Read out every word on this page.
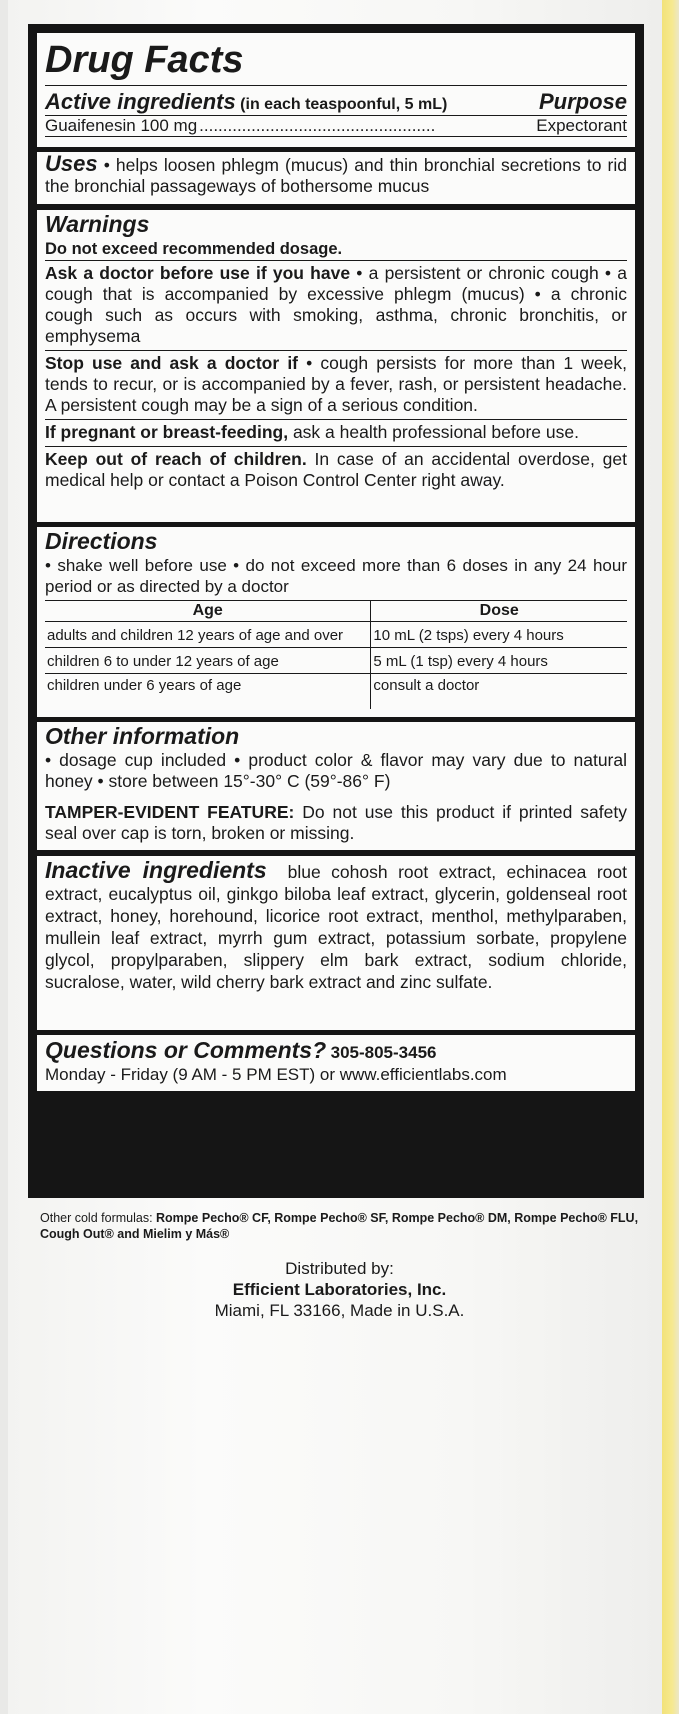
Drug Facts
Active ingredients (in each teaspoonful, 5 mL)	Purpose
Guaifenesin 100 mg ..................................................	Expectorant
Uses • helps loosen phlegm (mucus) and thin bronchial secretions to rid the bronchial passageways of bothersome mucus
Warnings
Do not exceed recommended dosage.
Ask a doctor before use if you have • a persistent or chronic cough • a cough that is accompanied by excessive phlegm (mucus) • a chronic cough such as occurs with smoking, asthma, chronic bronchitis, or emphysema
Stop use and ask a doctor if • cough persists for more than 1 week, tends to recur, or is accompanied by a fever, rash, or persistent headache. A persistent cough may be a sign of a serious condition.
If pregnant or breast-feeding, ask a health professional before use.
Keep out of reach of children. In case of an accidental overdose, get medical help or contact a Poison Control Center right away.
Directions
• shake well before use • do not exceed more than 6 doses in any 24 hour period or as directed by a doctor
Age	Dose
adults and children 12 years of age and over	10 mL (2 tsps) every 4 hours
children 6 to under 12 years of age	5 mL (1 tsp) every 4 hours
children under 6 years of age	consult a doctor
Other information
• dosage cup included • product color & flavor may vary due to natural honey • store between 15°-30° C (59°-86° F)
TAMPER-EVIDENT FEATURE: Do not use this product if printed safety seal over cap is torn, broken or missing.
Inactive ingredients blue cohosh root extract, echinacea root extract, eucalyptus oil, ginkgo biloba leaf extract, glycerin, goldenseal root extract, honey, horehound, licorice root extract, menthol, methylparaben, mullein leaf extract, myrrh gum extract, potassium sorbate, propylene glycol, propylparaben, slippery elm bark extract, sodium chloride, sucralose, water, wild cherry bark extract and zinc sulfate.
Questions or Comments? 305-805-3456
Monday - Friday (9 AM - 5 PM EST) or www.efficientlabs.com
Other cold formulas: Rompe Pecho® CF, Rompe Pecho® SF, Rompe Pecho® DM, Rompe Pecho® FLU, Cough Out® and Mielim y Más®
Distributed by:
Efficient Laboratories, Inc.
Miami, FL 33166, Made in U.S.A.
